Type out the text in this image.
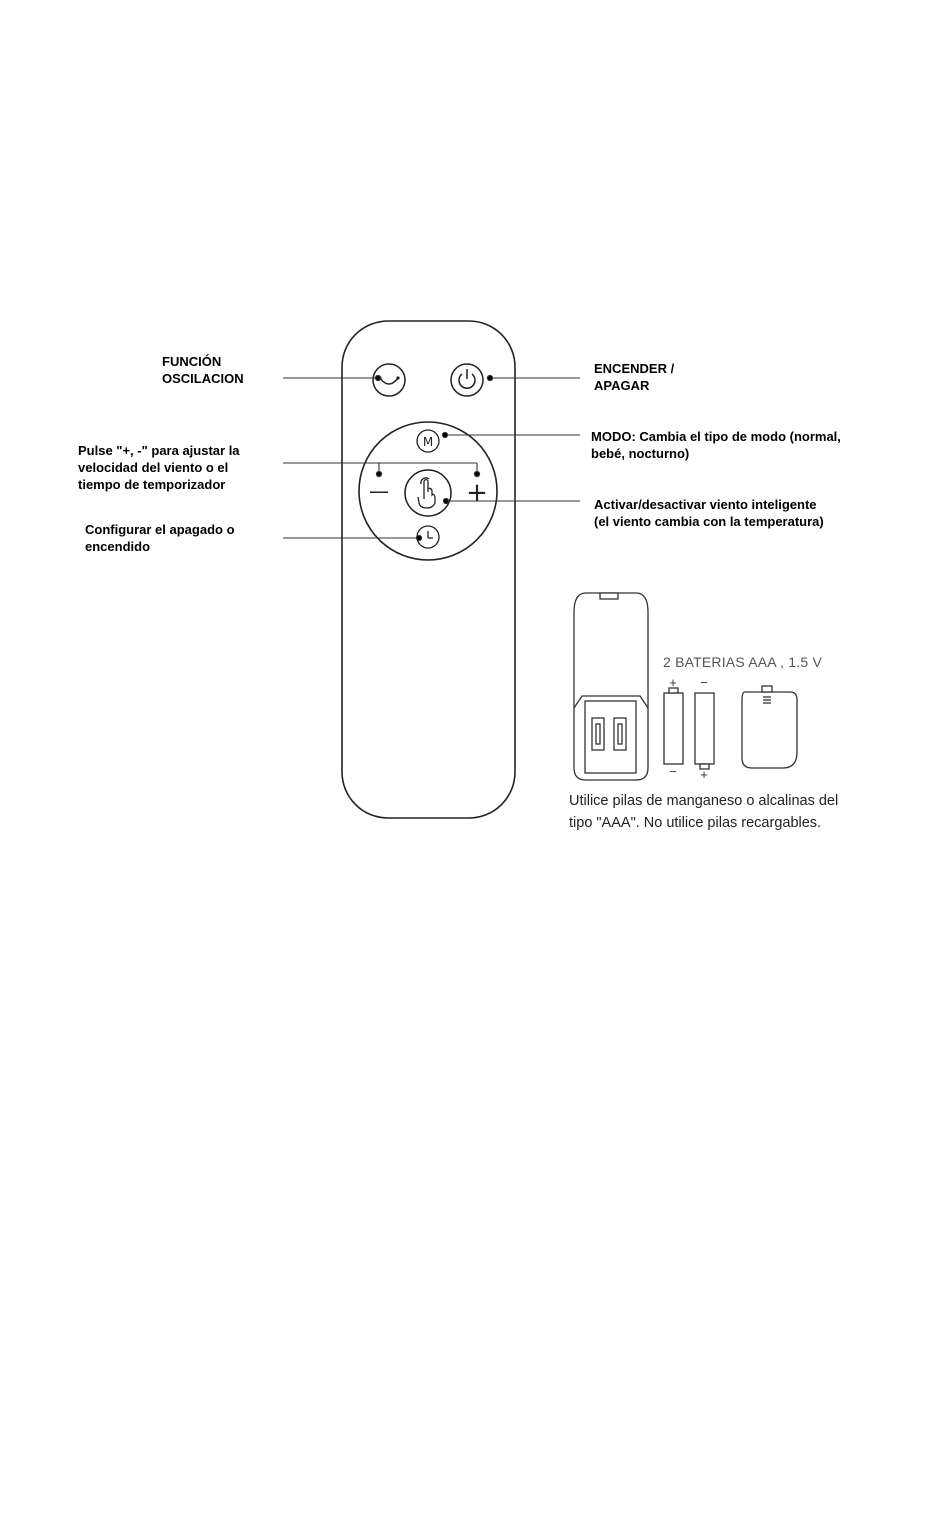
M
—	+
+
−
−
+
FUNCIÓN
OSCILACION
ENCENDER /
APAGAR
Pulse "+, -" para ajustar la
velocidad del viento o el
tiempo de temporizador
MODO: Cambia el tipo de modo (normal,
bebé, nocturno)
Activar/desactivar viento inteligente
(el viento cambia con la temperatura)
Configurar el apagado o
encendido
2 BATERIAS AAA , 1.5 V
Utilice pilas de manganeso o alcalinas del
tipo "AAA". No utilice pilas recargables.
